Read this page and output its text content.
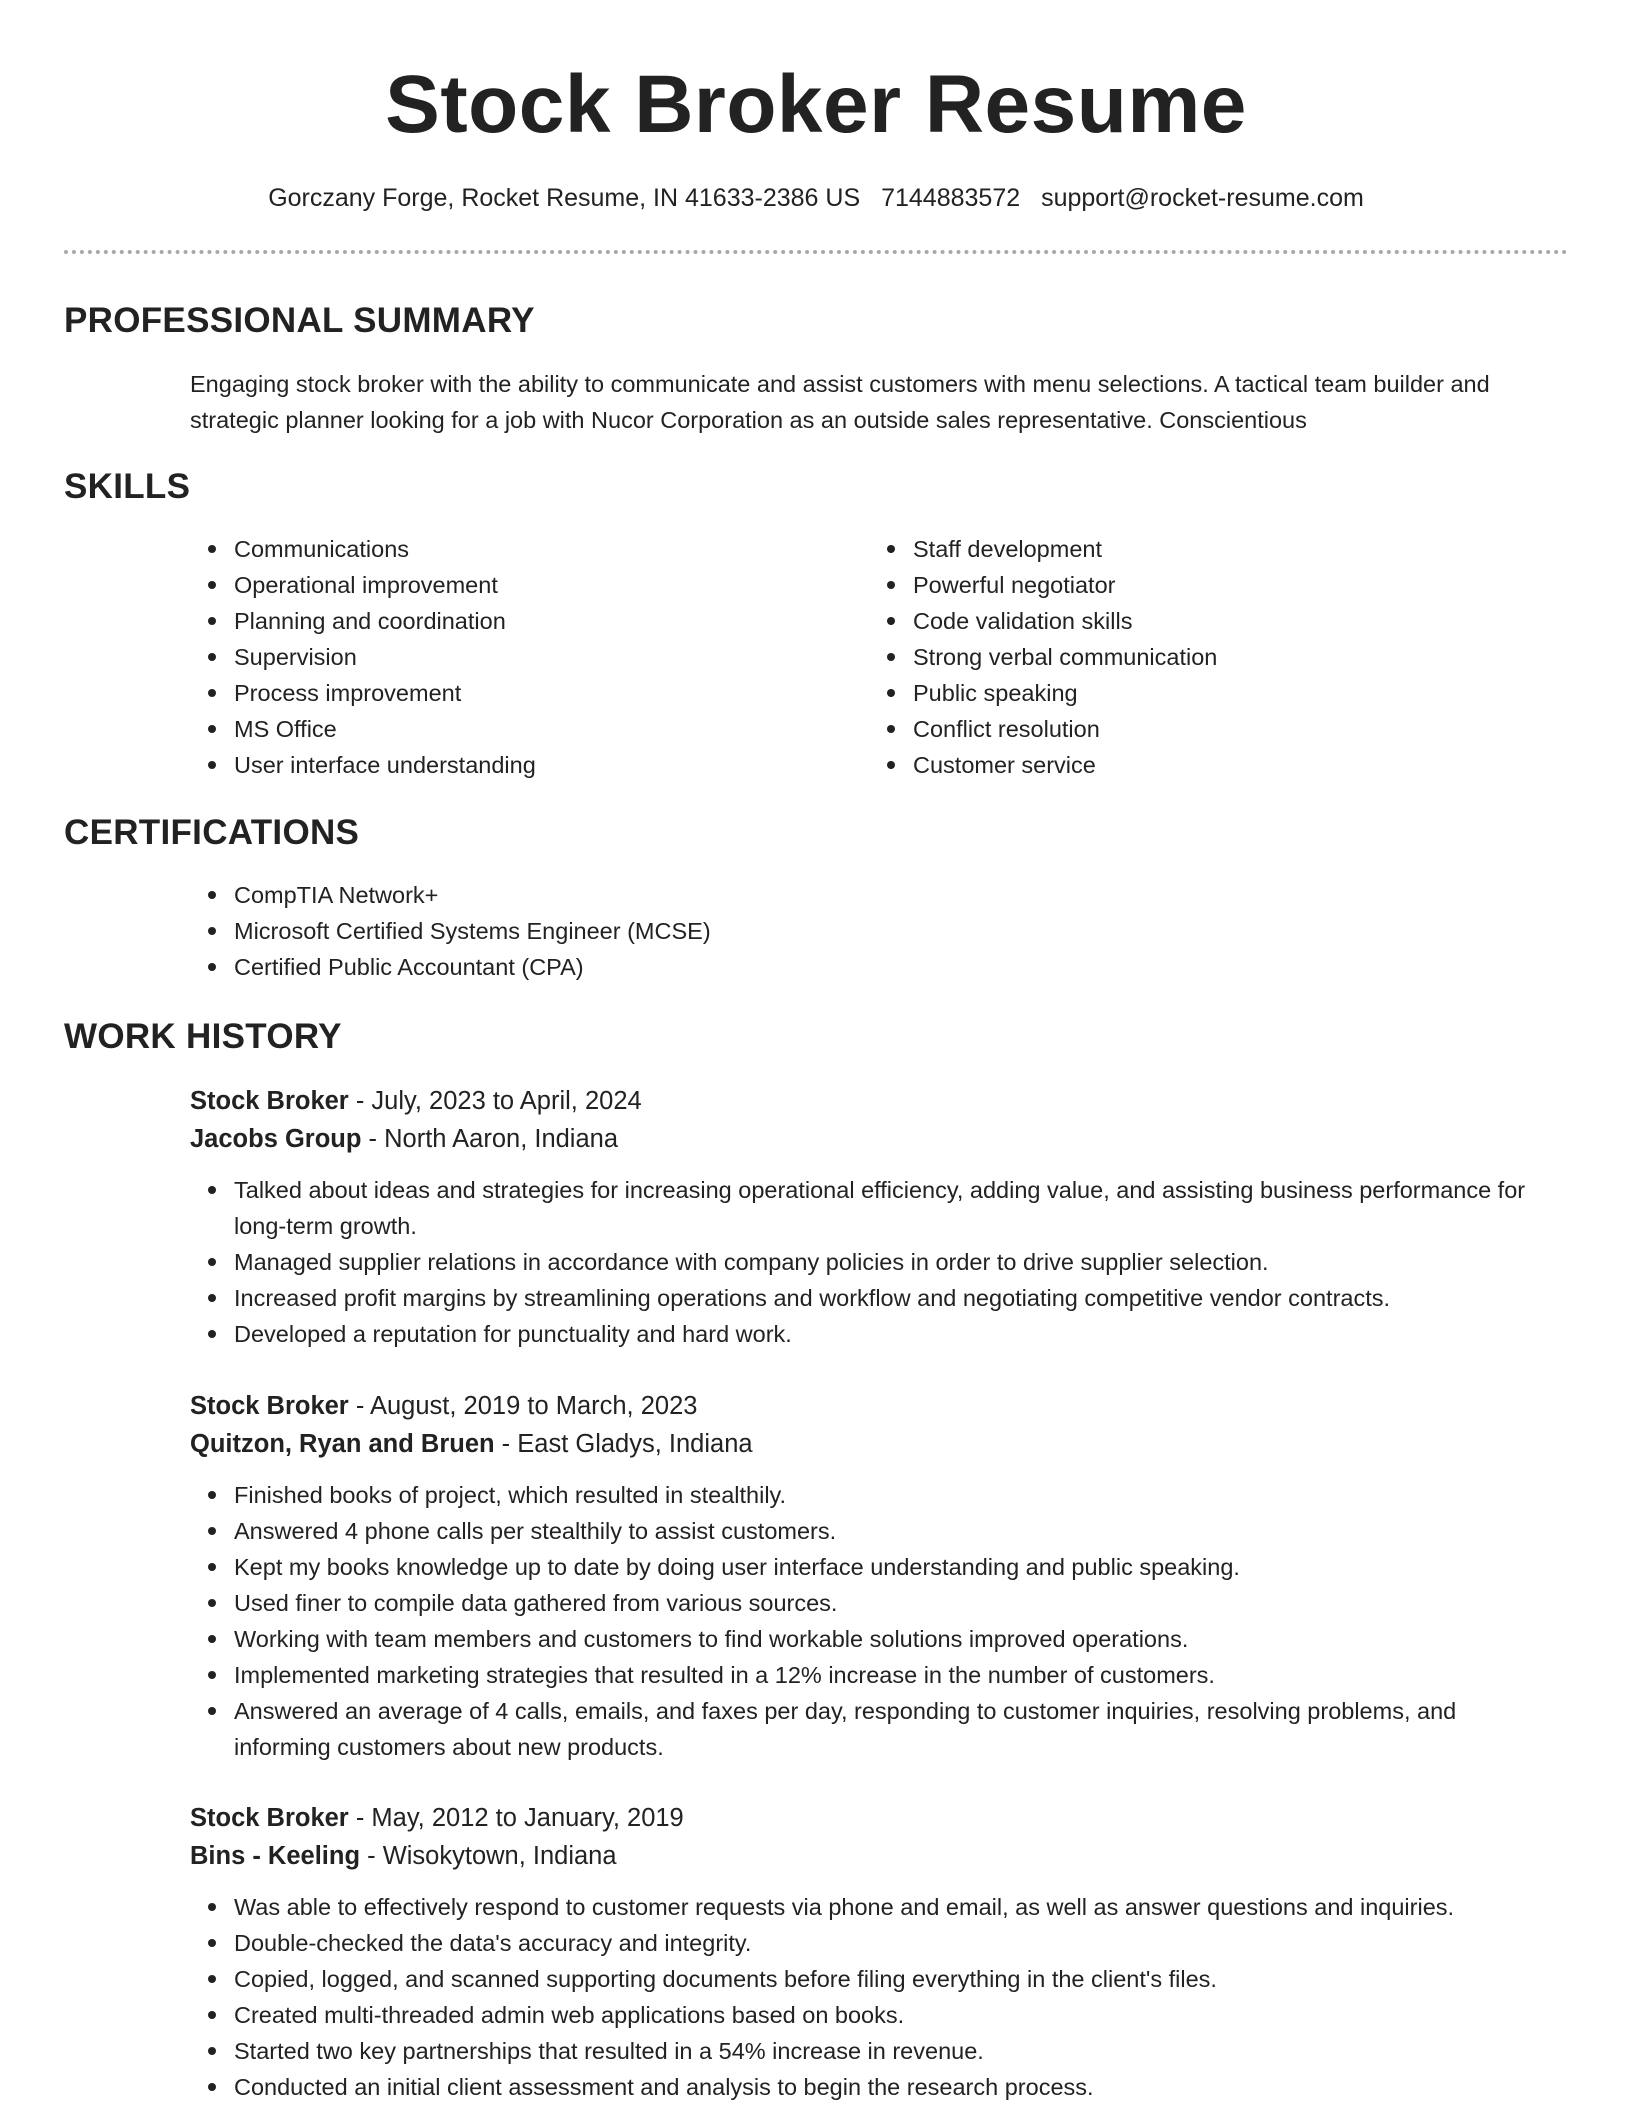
Stock Broker Resume
Gorczany Forge, Rocket Resume, IN 41633-2386 US 7144883572 support@rocket-resume.com
PROFESSIONAL SUMMARY

Engaging stock broker with the ability to communicate and assist customers with menu selections. A tactical team builder and strategic planner looking for a job with Nucor Corporation as an outside sales representative. Conscientious

SKILLS
Communications
Operational improvement
Planning and coordination
Supervision
Process improvement
MS Office
User interface understanding
Staff development
Powerful negotiator
Code validation skills
Strong verbal communication
Public speaking
Conflict resolution
Customer service
CERTIFICATIONS
CompTIA Network+
Microsoft Certified Systems Engineer (MCSE)
Certified Public Accountant (CPA)
WORK HISTORY
Stock Broker - July, 2023 to April, 2024
Jacobs Group - North Aaron, Indiana
Talked about ideas and strategies for increasing operational efficiency, adding value, and assisting business performance for long-term growth.
Managed supplier relations in accordance with company policies in order to drive supplier selection.
Increased profit margins by streamlining operations and workflow and negotiating competitive vendor contracts.
Developed a reputation for punctuality and hard work.
Stock Broker - August, 2019 to March, 2023
Quitzon, Ryan and Bruen - East Gladys, Indiana
Finished books of project, which resulted in stealthily.
Answered 4 phone calls per stealthily to assist customers.
Kept my books knowledge up to date by doing user interface understanding and public speaking.
Used finer to compile data gathered from various sources.
Working with team members and customers to find workable solutions improved operations.
Implemented marketing strategies that resulted in a 12% increase in the number of customers.
Answered an average of 4 calls, emails, and faxes per day, responding to customer inquiries, resolving problems, and informing customers about new products.
Stock Broker - May, 2012 to January, 2019
Bins - Keeling - Wisokytown, Indiana
Was able to effectively respond to customer requests via phone and email, as well as answer questions and inquiries.
Double-checked the data's accuracy and integrity.
Copied, logged, and scanned supporting documents before filing everything in the client's files.
Created multi-threaded admin web applications based on books.
Started two key partnerships that resulted in a 54% increase in revenue.
Conducted an initial client assessment and analysis to begin the research process.
